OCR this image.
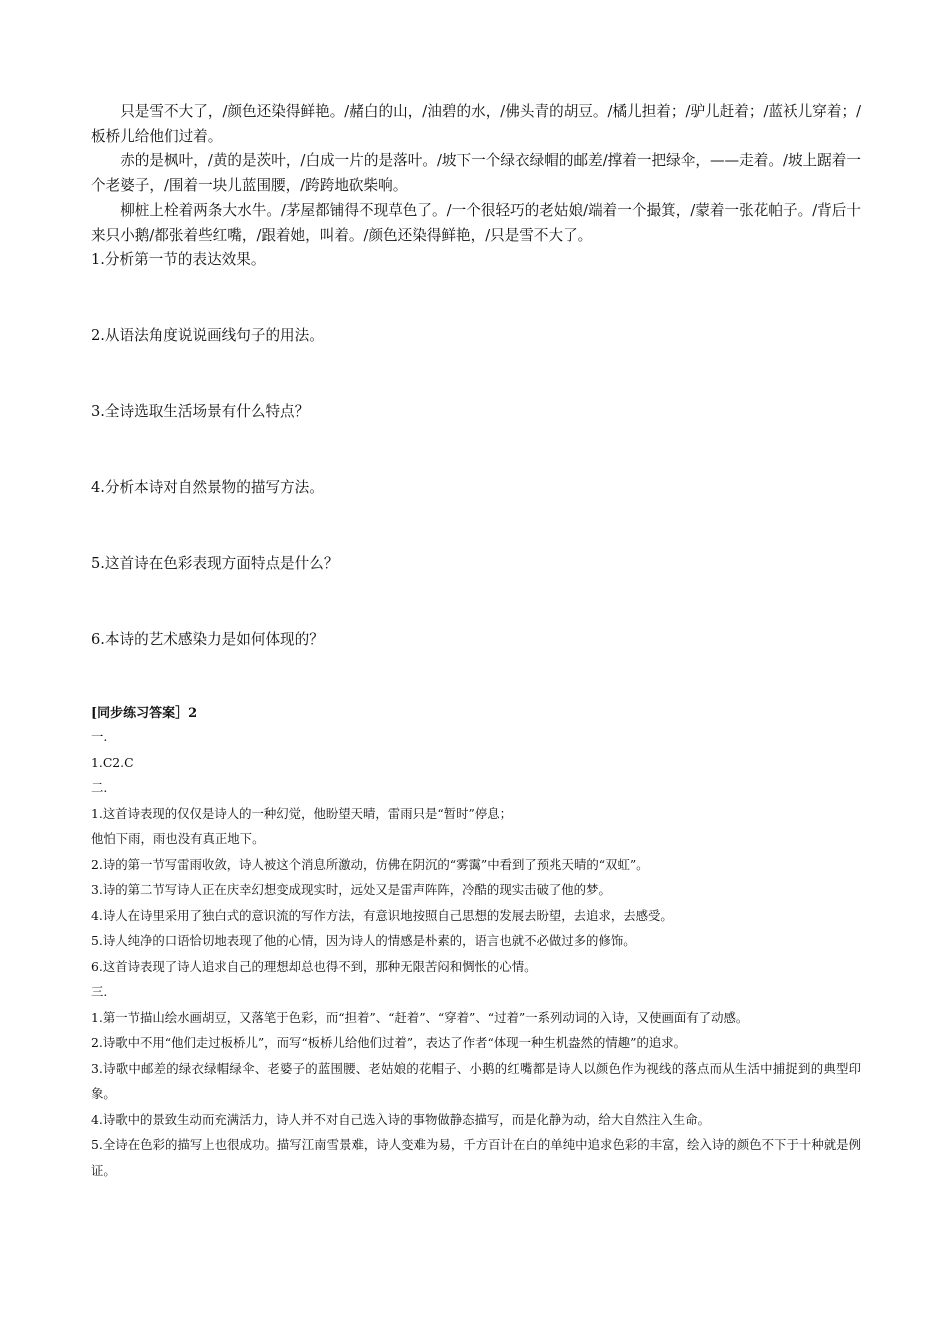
只是雪不大了，/颜色还染得鲜艳。/赭白的山，/油碧的水，/佛头青的胡豆。/橘儿担着；/驴儿赶着；/蓝袄儿穿着；/板桥儿给他们过着。

赤的是枫叶，/黄的是茨叶，/白成一片的是落叶。/坡下一个绿衣绿帽的邮差/撑着一把绿伞，——走着。/坡上踞着一个老婆子，/围着一块儿蓝围腰，/跨跨地砍柴响。

柳桩上栓着两条大水牛。/茅屋都铺得不现草色了。/一个很轻巧的老姑娘/端着一个撮箕，/蒙着一张花帕子。/背后十来只小鹅/都张着些红嘴，/跟着她，叫着。/颜色还染得鲜艳，/只是雪不大了。

1.分析第一节的表达效果。

2.从语法角度说说画线句子的用法。

3.全诗选取生活场景有什么特点？

4.分析本诗对自然景物的描写方法。

5.这首诗在色彩表现方面特点是什么？

6.本诗的艺术感染力是如何体现的？

[同步练习答案］2

一.

1.C2.C

二.

1.这首诗表现的仅仅是诗人的一种幻觉，他盼望天晴，雷雨只是“暂时”停息；

他怕下雨，雨也没有真正地下。

2.诗的第一节写雷雨收敛，诗人被这个消息所激动，仿佛在阴沉的“雾霭”中看到了预兆天晴的“双虹”。

3.诗的第二节写诗人正在庆幸幻想变成现实时，远处又是雷声阵阵，冷酷的现实击破了他的梦。

4.诗人在诗里采用了独白式的意识流的写作方法，有意识地按照自己思想的发展去盼望，去追求，去感受。

5.诗人纯净的口语恰切地表现了他的心情，因为诗人的情感是朴素的，语言也就不必做过多的修饰。

6.这首诗表现了诗人追求自己的理想却总也得不到，那种无限苦闷和惆怅的心情。

三.

1.第一节描山绘水画胡豆，又落笔于色彩，而“担着”、“赶着”、“穿着”、“过着”一系列动词的入诗，又使画面有了动感。

2.诗歌中不用“他们走过板桥儿”，而写“板桥儿给他们过着”，表达了作者“体现一种生机盎然的情趣”的追求。

3.诗歌中邮差的绿衣绿帽绿伞、老婆子的蓝围腰、老姑娘的花帽子、小鹅的红嘴都是诗人以颜色作为视线的落点而从生活中捕捉到的典型印象。

4.诗歌中的景致生动而充满活力，诗人并不对自己选入诗的事物做静态描写，而是化静为动，给大自然注入生命。

5.全诗在色彩的描写上也很成功。描写江南雪景难，诗人变难为易，千方百计在白的单纯中追求色彩的丰富，绘入诗的颜色不下于十种就是例证。
